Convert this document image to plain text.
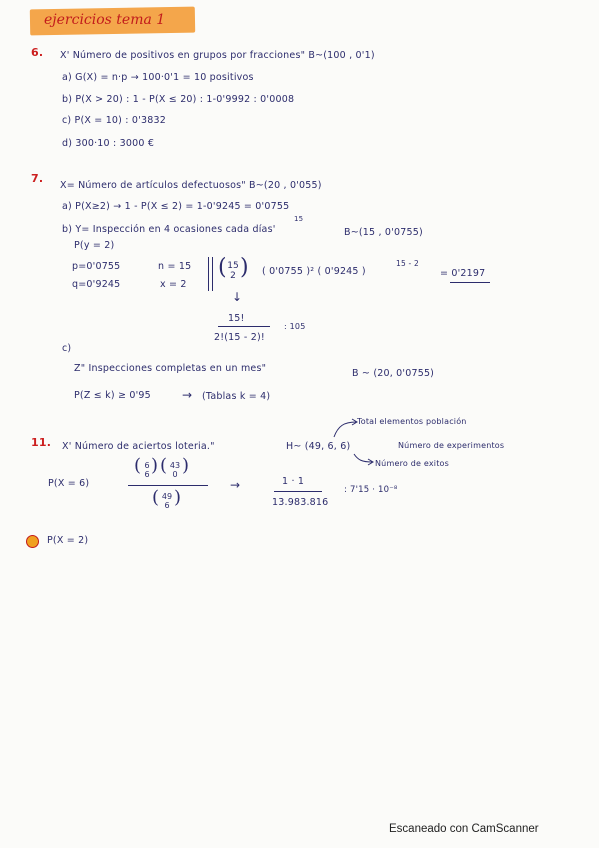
ejercicios tema 1
6. X' Número de positivos en grupos por fracciones" B~(100 , 0'1)
a) G(X) = n·p → 100·0'1 = 10 positivos
b) P(X > 20) : 1 - P(X ≤ 20) : 1-0'9992 : 0'0008
c) P(X = 10) : 0'3832
d) 300·10 : 3000 €
7.
X= Número de artículos defectuosos" B~(20 , 0'055)
a) P(X≥2) → 1 - P(X ≤ 2) = 1-0'9245 = 0'0755
b) Y= Inspección en 4 ocasiones cada días'
15
B~(15 , 0'0755)
P(y = 2)
p=0'0755
q=0'9245
n = 15
x = 2
( 15
2 ) ( 0'0755 )² ( 0'9245 )
15 - 2
= 0'2197
↓
15!
2!(15 - 2)!
: 105
c)
Z" Inspecciones completas en un mes"	B ~ (20, 0'0755)
P(Z ≤ k) ≥ 0'95	→ (Tablas k = 4)
11. X' Número de aciertos loteria."	H~ (49, 6, 6)
Total elementos población
Número de experimentos
Número de exitos
P(X = 6)
( 6
6 ) ( 43
0 )
( 49
6 )
→	1 · 1
13.983.816
: 7'15 · 10⁻⁸
P(X = 2)
Escaneado con CamScanner
